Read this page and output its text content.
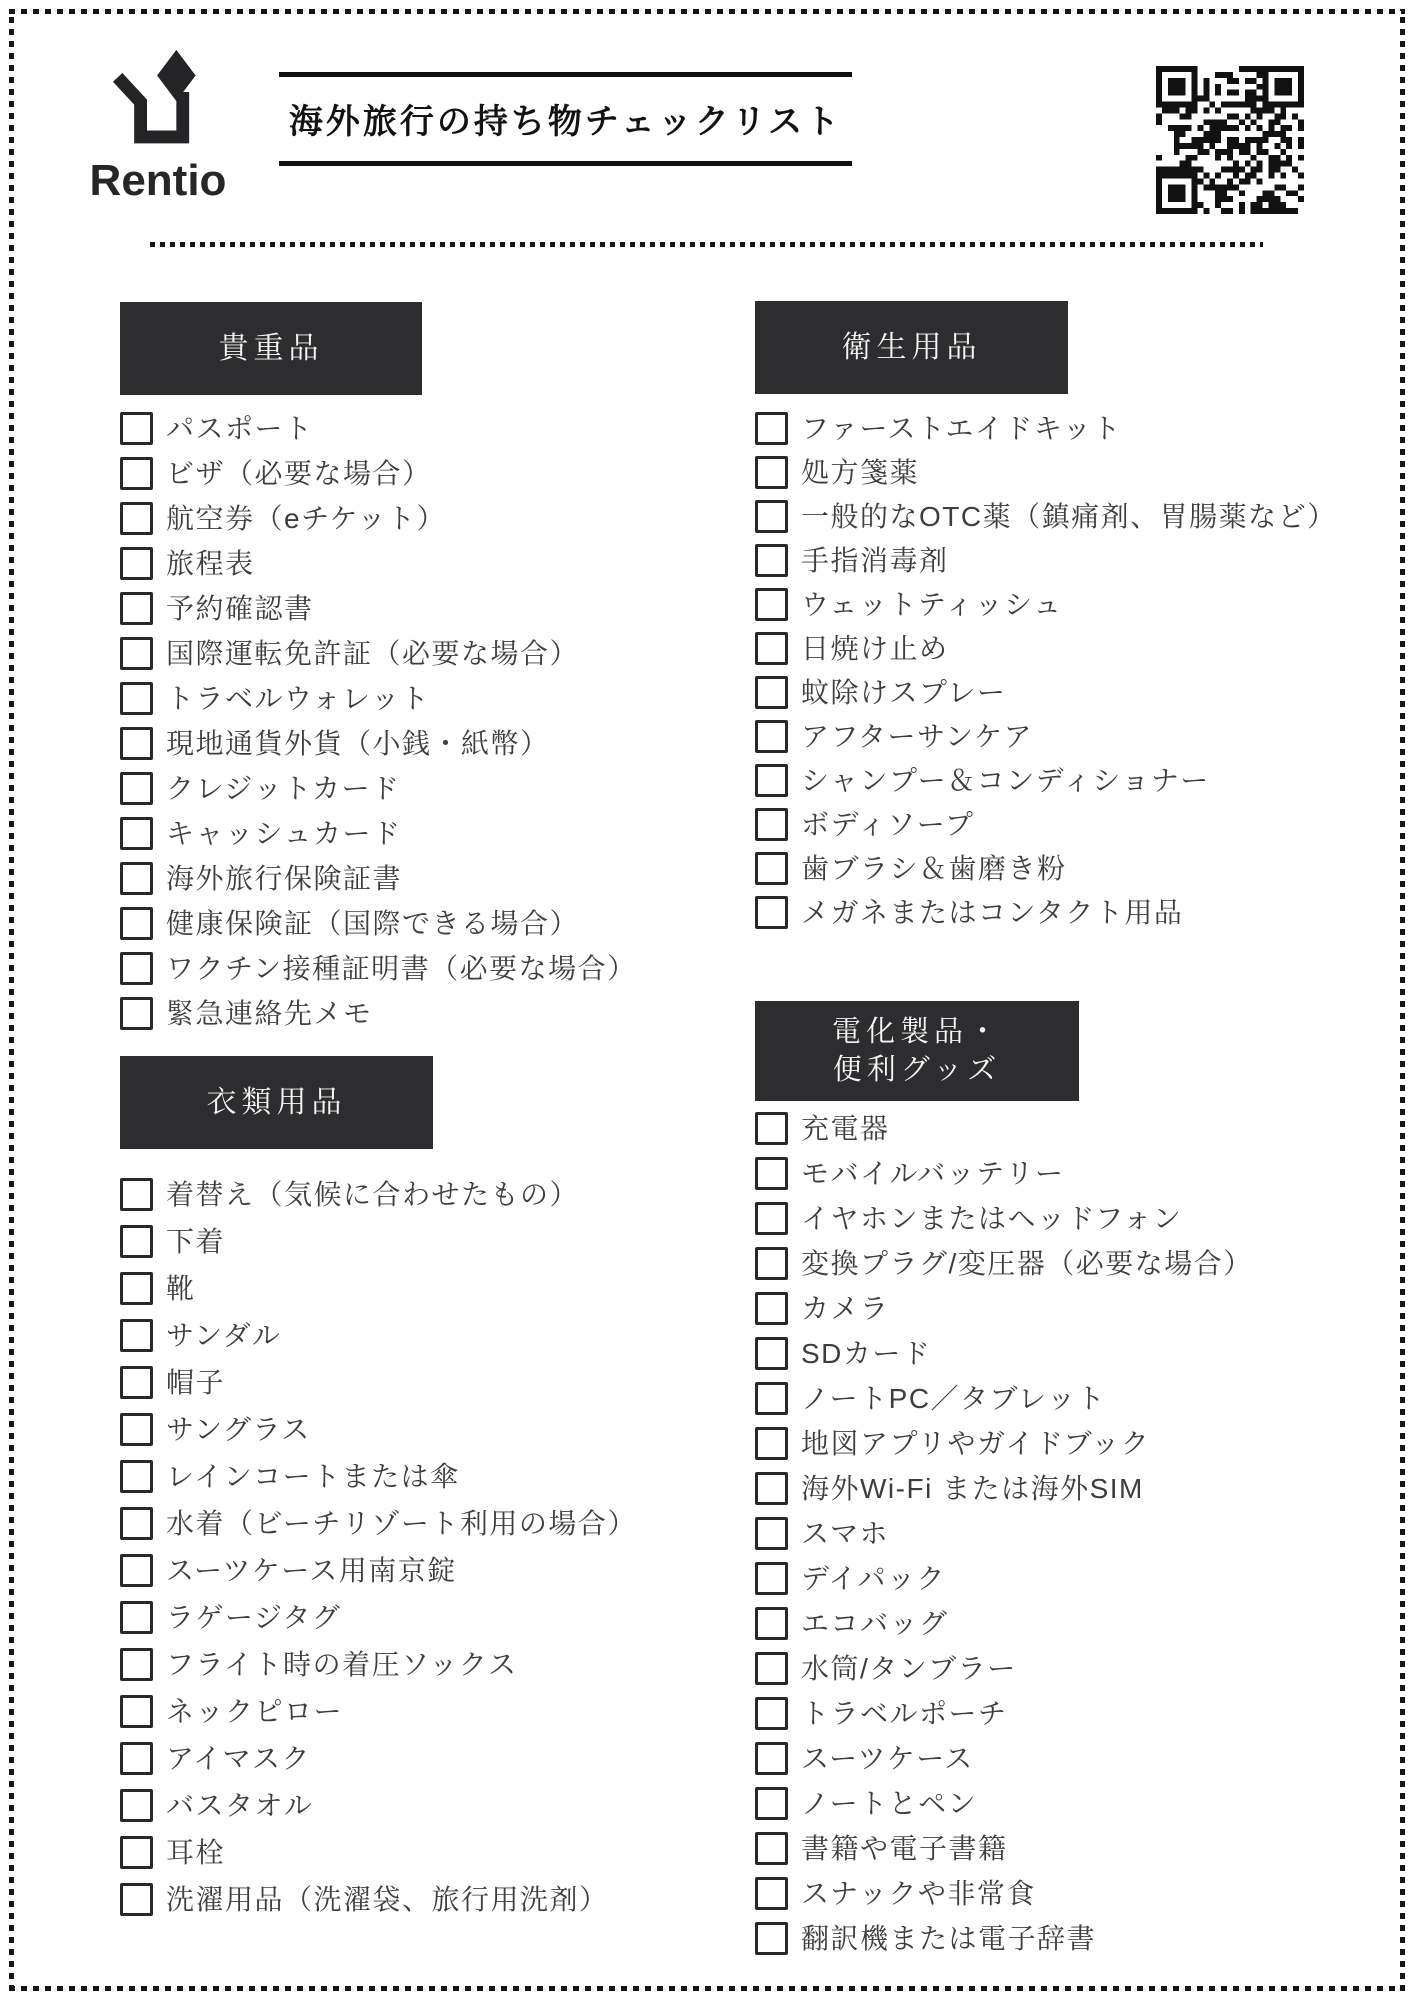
Rentio
海外旅行の持ち物チェックリスト
貴重品
パスポート
ビザ（必要な場合）
航空券（eチケット）
旅程表
予約確認書
国際運転免許証（必要な場合）
トラベルウォレット
現地通貨外貨（小銭・紙幣）
クレジットカード
キャッシュカード
海外旅行保険証書
健康保険証（国際できる場合）
ワクチン接種証明書（必要な場合）
緊急連絡先メモ
衣類用品
着替え（気候に合わせたもの）
下着
靴
サンダル
帽子
サングラス
レインコートまたは傘
水着（ビーチリゾート利用の場合）
スーツケース用南京錠
ラゲージタグ
フライト時の着圧ソックス
ネックピロー
アイマスク
バスタオル
耳栓
洗濯用品（洗濯袋、旅行用洗剤）
衛生用品
ファーストエイドキット
処方箋薬
一般的なOTC薬（鎮痛剤、胃腸薬など）
手指消毒剤
ウェットティッシュ
日焼け止め
蚊除けスプレー
アフターサンケア
シャンプー＆コンディショナー
ボディソープ
歯ブラシ＆歯磨き粉
メガネまたはコンタクト用品
電化製品・
便利グッズ
充電器
モバイルバッテリー
イヤホンまたはヘッドフォン
変換プラグ/変圧器（必要な場合）
カメラ
SDカード
ノートPC／タブレット
地図アプリやガイドブック
海外Wi-Fi または海外SIM
スマホ
デイパック
エコバッグ
水筒/タンブラー
トラベルポーチ
スーツケース
ノートとペン
書籍や電子書籍
スナックや非常食
翻訳機または電子辞書
